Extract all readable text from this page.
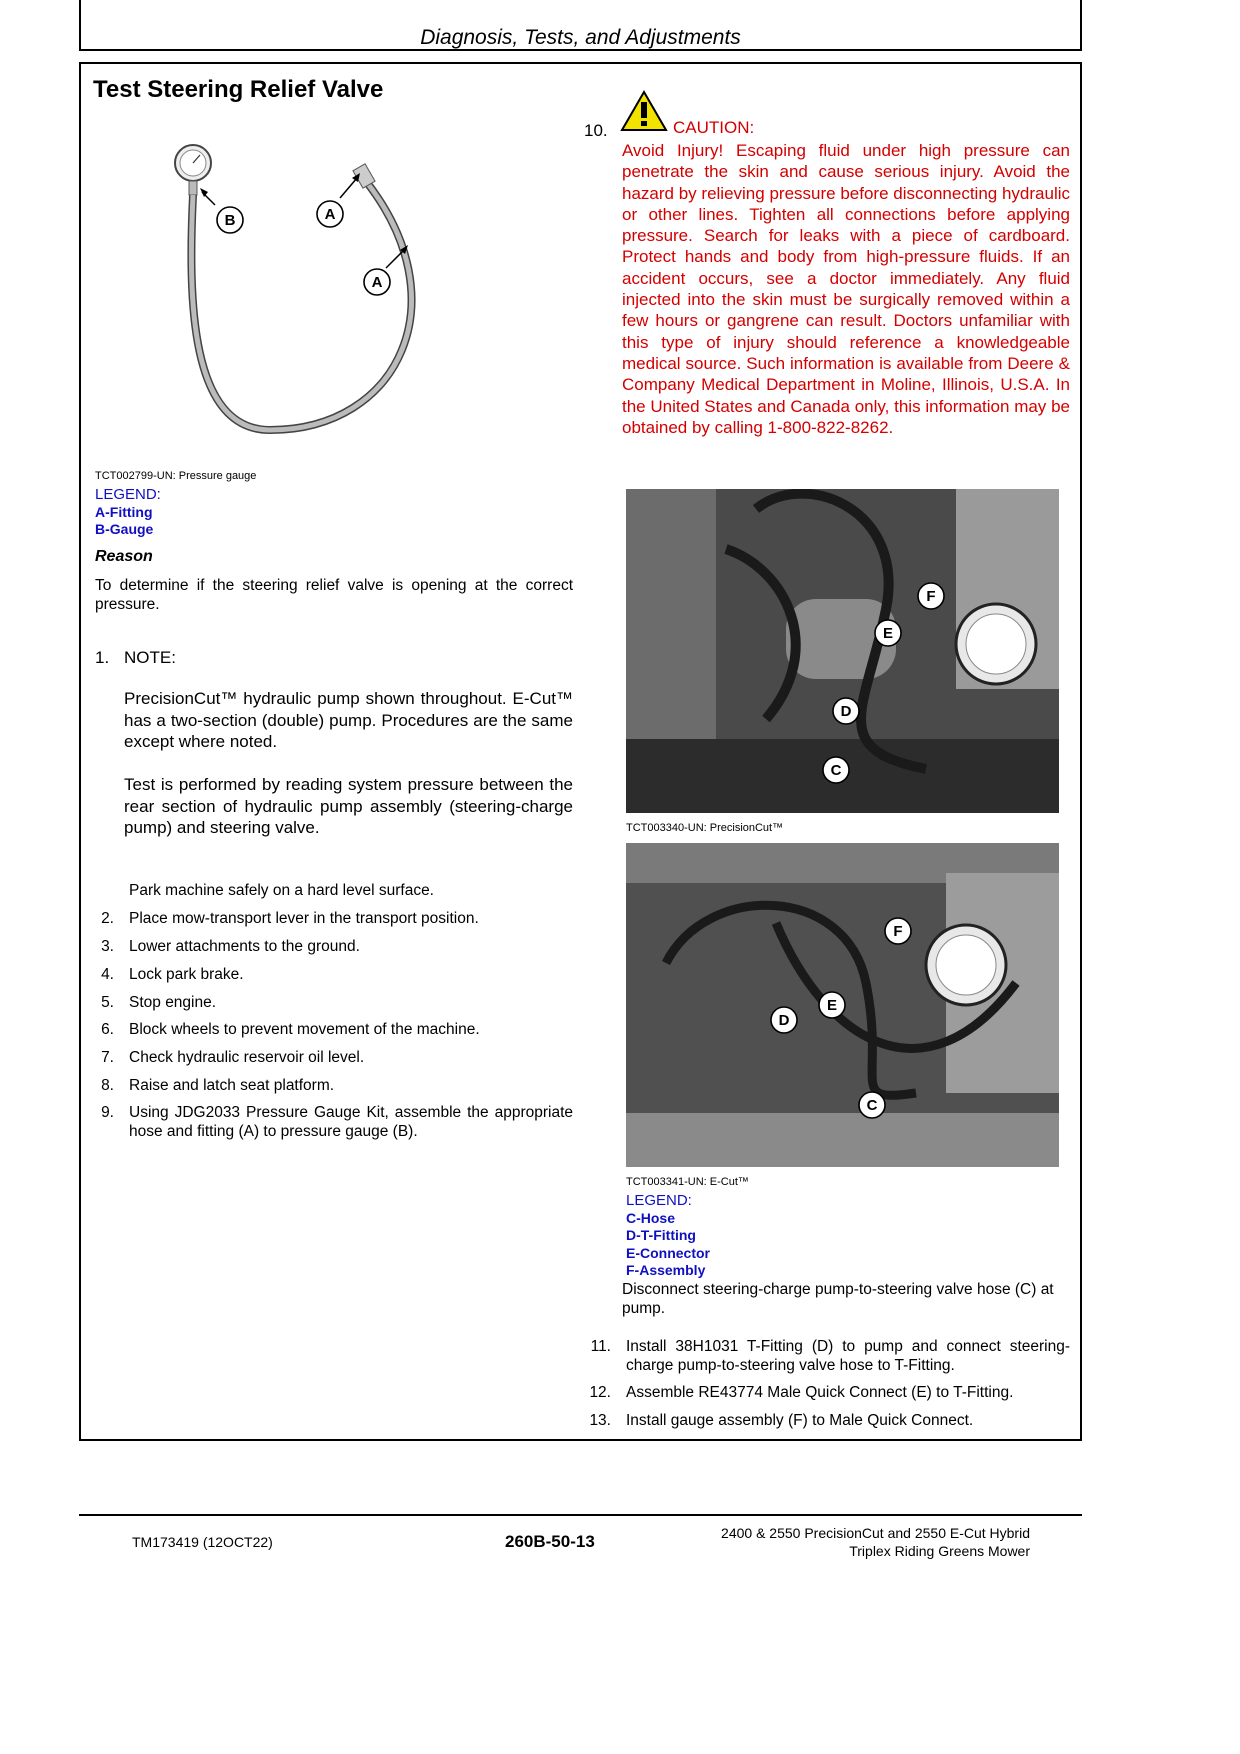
Diagnosis, Tests, and Adjustments
Test Steering Relief Valve
B	A
A
TCT002799-UN: Pressure gauge
LEGEND:
A-Fitting
B-Gauge
Reason
To determine if the steering relief valve is opening at the correct pressure.
1. NOTE:
PrecisionCut™ hydraulic pump shown throughout. E-Cut™ has a two-section (double) pump. Procedures are the same except where noted.
Test is performed by reading system pressure between the rear section of hydraulic pump assembly (steering-charge pump) and steering valve.
Park machine safely on a hard level surface.
2. Place mow-transport lever in the transport position.
3. Lower attachments to the ground.
4. Lock park brake.
5. Stop engine.
6. Block wheels to prevent movement of the machine.
7. Check hydraulic reservoir oil level.
8. Raise and latch seat platform.
9. Using JDG2033 Pressure Gauge Kit, assemble the appropriate hose and fitting (A) to pressure gauge (B).
10.	CAUTION:
Avoid Injury! Escaping fluid under high pressure can penetrate the skin and cause serious injury. Avoid the hazard by relieving pressure before disconnecting hydraulic or other lines. Tighten all connections before applying pressure. Search for leaks with a piece of cardboard. Protect hands and body from high-pressure fluids. If an accident occurs, see a doctor immediately. Any fluid injected into the skin must be surgically removed within a few hours or gangrene can result. Doctors unfamiliar with this type of injury should reference a knowledgeable medical source. Such information is available from Deere & Company Medical Department in Moline, Illinois, U.S.A. In the United States and Canada only, this information may be obtained by calling 1-800-822-8262.
F
E
D
C
TCT003340-UN: PrecisionCut™
F
E
D
C
TCT003341-UN: E-Cut™
LEGEND:
C-Hose
D-T-Fitting
E-Connector
F-Assembly
Disconnect steering-charge pump-to-steering valve hose (C) at pump.
11. Install 38H1031 T-Fitting (D) to pump and connect steering-charge pump-to-steering valve hose to T-Fitting.
12. Assemble RE43774 Male Quick Connect (E) to T-Fitting.
13. Install gauge assembly (F) to Male Quick Connect.
TM173419 (12OCT22)	260B-50-13	2400 & 2550 PrecisionCut and 2550 E-Cut Hybrid
Triplex Riding Greens Mower
